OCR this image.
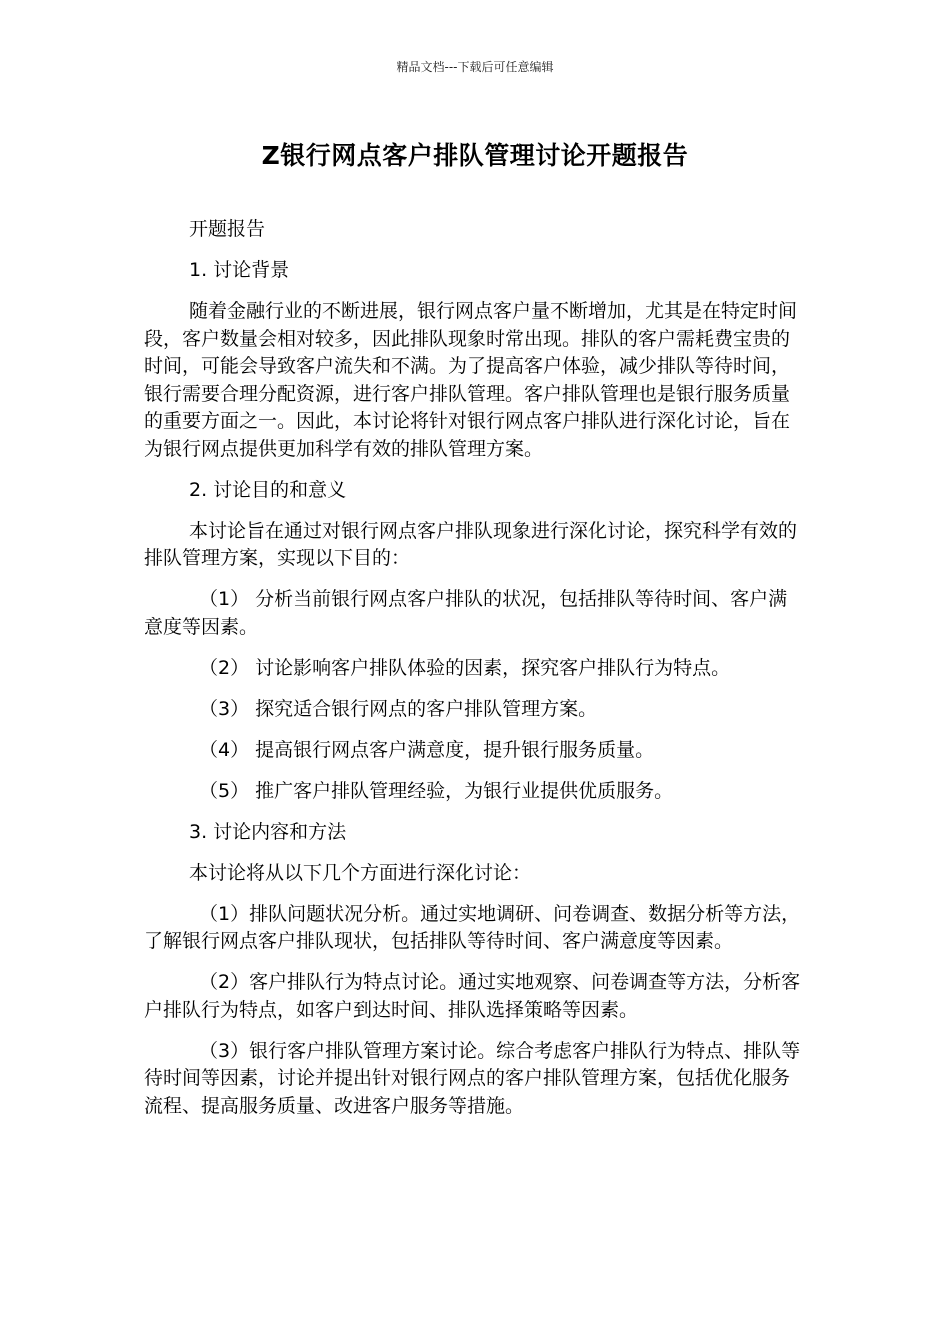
精品文档---下载后可任意编辑
Z银行网点客户排队管理讨论开题报告

开题报告

1. 讨论背景

随着金融行业的不断进展，银行网点客户量不断增加，尤其是在特定时间段，客户数量会相对较多，因此排队现象时常出现。排队的客户需耗费宝贵的时间，可能会导致客户流失和不满。为了提高客户体验，减少排队等待时间，银行需要合理分配资源，进行客户排队管理。客户排队管理也是银行服务质量的重要方面之一。因此，本讨论将针对银行网点客户排队进行深化讨论，旨在为银行网点提供更加科学有效的排队管理方案。

2. 讨论目的和意义

本讨论旨在通过对银行网点客户排队现象进行深化讨论，探究科学有效的排队管理方案，实现以下目的：

（1） 分析当前银行网点客户排队的状况，包括排队等待时间、客户满意度等因素。

（2） 讨论影响客户排队体验的因素，探究客户排队行为特点。

（3） 探究适合银行网点的客户排队管理方案。

（4） 提高银行网点客户满意度，提升银行服务质量。

（5） 推广客户排队管理经验，为银行业提供优质服务。

3. 讨论内容和方法

本讨论将从以下几个方面进行深化讨论：

（1）排队问题状况分析。通过实地调研、问卷调查、数据分析等方法，了解银行网点客户排队现状，包括排队等待时间、客户满意度等因素。

（2）客户排队行为特点讨论。通过实地观察、问卷调查等方法，分析客户排队行为特点，如客户到达时间、排队选择策略等因素。

（3）银行客户排队管理方案讨论。综合考虑客户排队行为特点、排队等待时间等因素，讨论并提出针对银行网点的客户排队管理方案，包括优化服务流程、提高服务质量、改进客户服务等措施。
